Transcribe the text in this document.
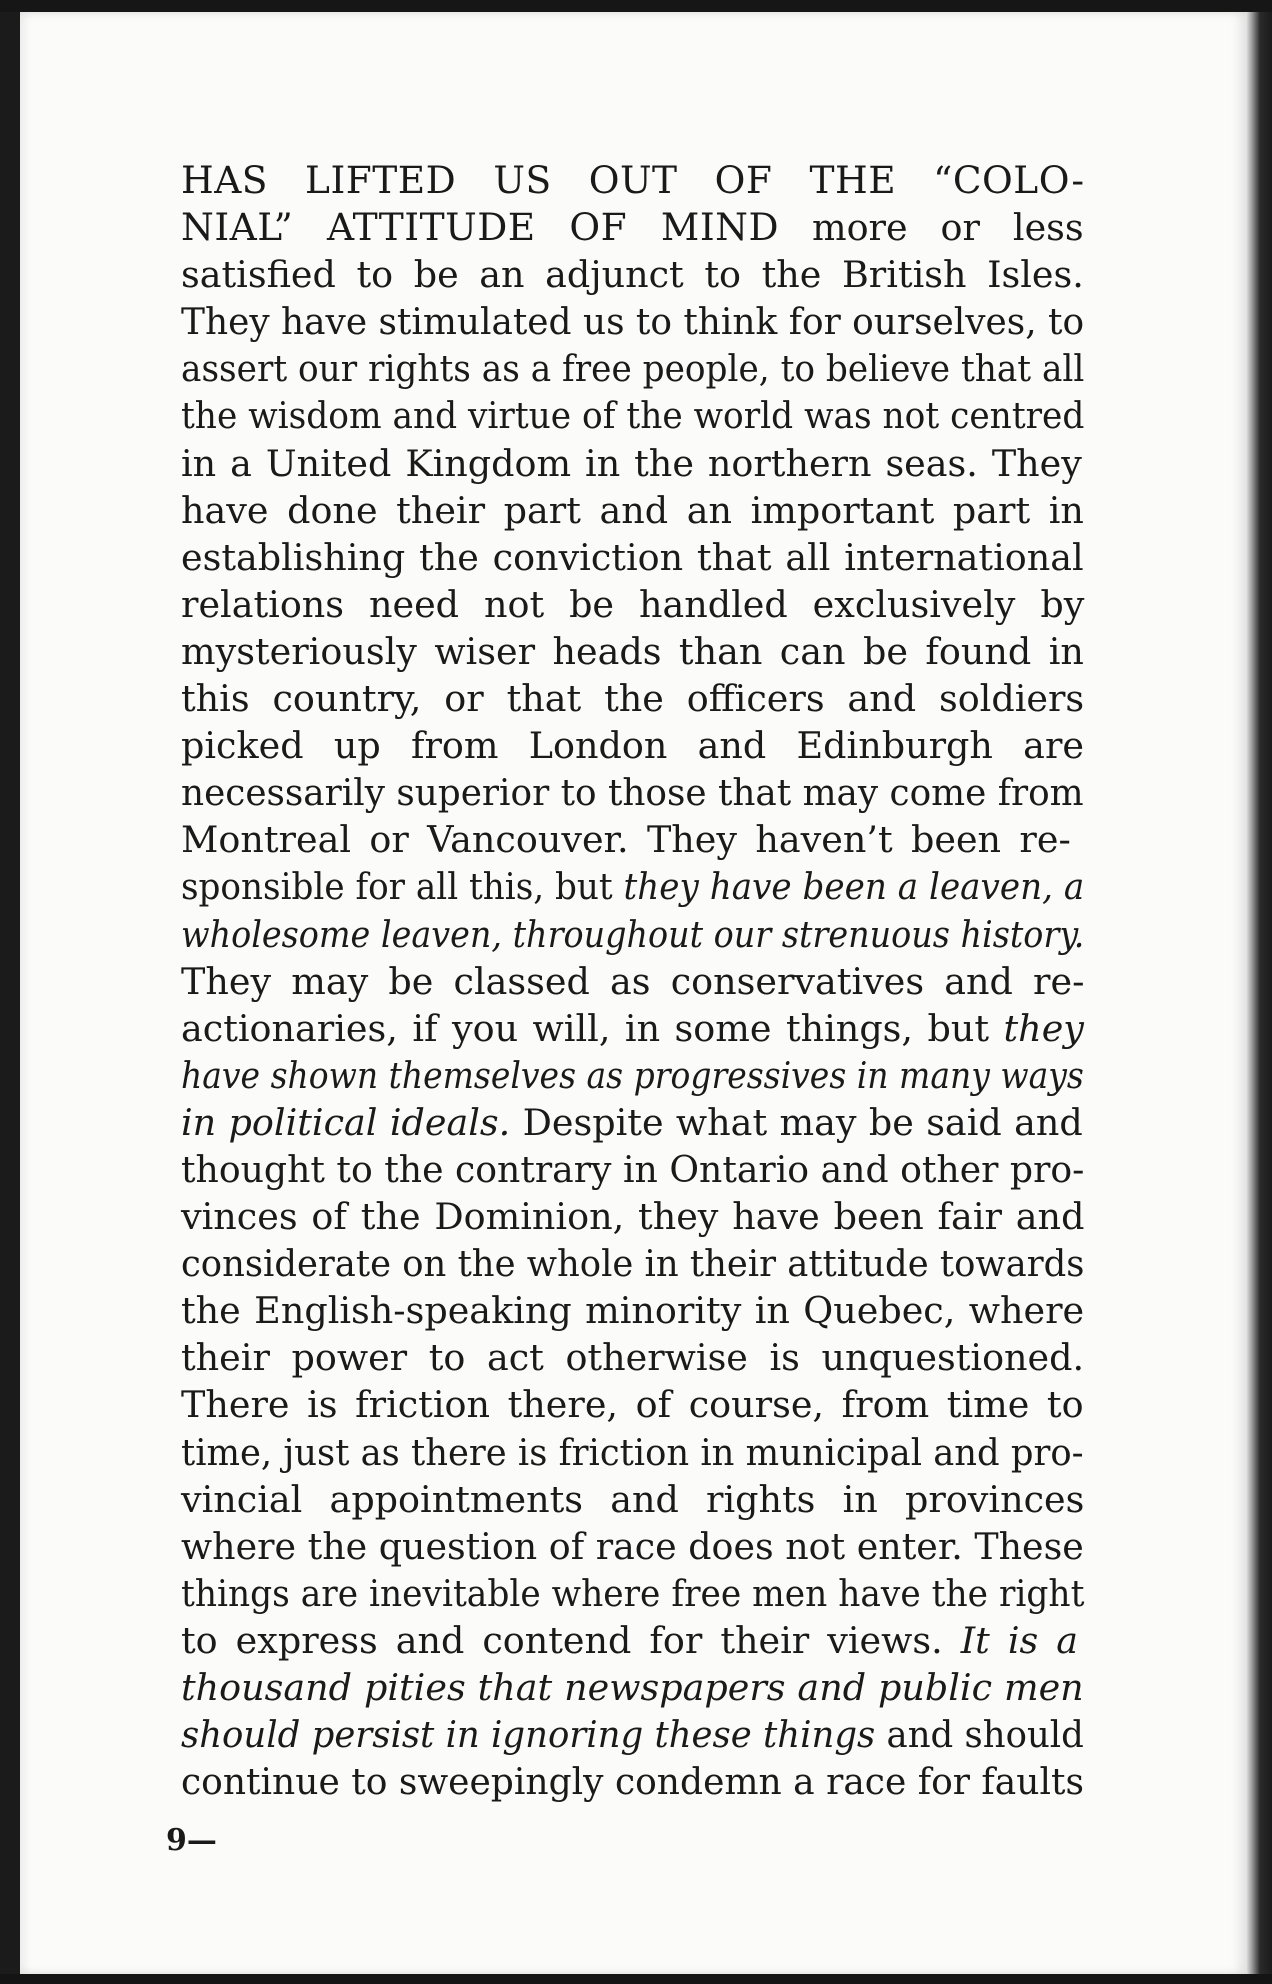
HAS LIFTED US OUT OF THE “COLO-
NIAL” ATTITUDE OF MIND more or less
satisfied to be an adjunct to the British Isles.
They have stimulated us to think for ourselves, to
assert our rights as a free people, to believe that all
the wisdom and virtue of the world was not centred
in a United Kingdom in the northern seas. They
have done their part and an important part in
establishing the conviction that all international
relations need not be handled exclusively by
mysteriously wiser heads than can be found in
this country, or that the officers and soldiers
picked up from London and Edinburgh are
necessarily superior to those that may come from
Montreal or Vancouver. They haven’t been re-
sponsible for all this, but they have been a leaven, a
wholesome leaven, throughout our strenuous history.
They may be classed as conservatives and re-
actionaries, if you will, in some things, but they
have shown themselves as progressives in many ways
in political ideals. Despite what may be said and
thought to the contrary in Ontario and other pro-
vinces of the Dominion, they have been fair and
considerate on the whole in their attitude towards
the English-speaking minority in Quebec, where
their power to act otherwise is unquestioned.
There is friction there, of course, from time to
time, just as there is friction in municipal and pro-
vincial appointments and rights in provinces
where the question of race does not enter. These
things are inevitable where free men have the right
to express and contend for their views. It is a
thousand pities that newspapers and public men
should persist in ignoring these things and should
continue to sweepingly condemn a race for faults
9—
